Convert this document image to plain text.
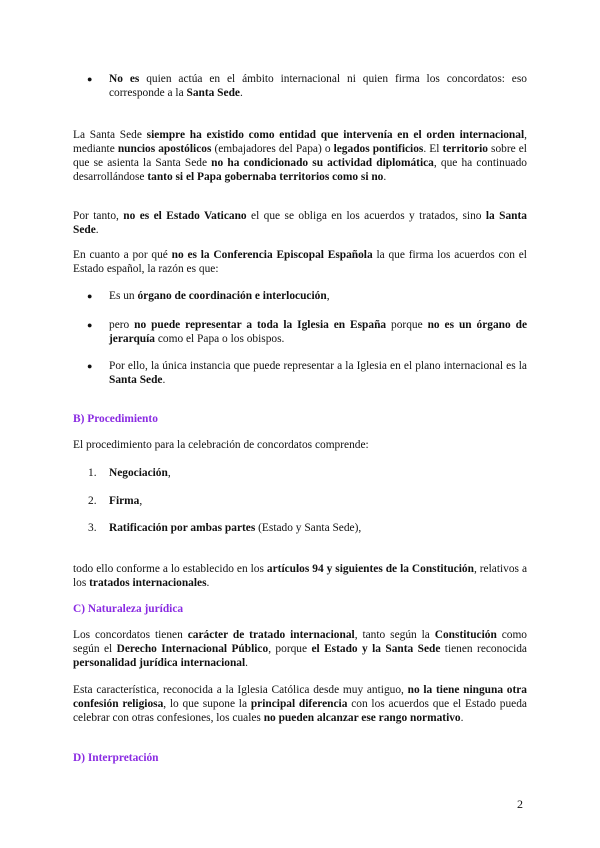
● No es quien actúa en el ámbito internacional ni quien firma los concordatos: eso corresponde a la Santa Sede.
La Santa Sede siempre ha existido como entidad que intervenía en el orden internacional, mediante nuncios apostólicos (embajadores del Papa) o legados pontificios. El territorio sobre el que se asienta la Santa Sede no ha condicionado su actividad diplomática, que ha continuado desarrollándose tanto si el Papa gobernaba territorios como si no.
Por tanto, no es el Estado Vaticano el que se obliga en los acuerdos y tratados, sino la Santa Sede.
En cuanto a por qué no es la Conferencia Episcopal Española la que firma los acuerdos con el Estado español, la razón es que:
● Es un órgano de coordinación e interlocución,
● pero no puede representar a toda la Iglesia en España porque no es un órgano de jerarquía como el Papa o los obispos.
● Por ello, la única instancia que puede representar a la Iglesia en el plano internacional es la Santa Sede.
B) Procedimiento
El procedimiento para la celebración de concordatos comprende:
1. Negociación,
2. Firma,
3. Ratificación por ambas partes (Estado y Santa Sede),
todo ello conforme a lo establecido en los artículos 94 y siguientes de la Constitución, relativos a los tratados internacionales.
C) Naturaleza jurídica
Los concordatos tienen carácter de tratado internacional, tanto según la Constitución como según el Derecho Internacional Público, porque el Estado y la Santa Sede tienen reconocida personalidad jurídica internacional.
Esta característica, reconocida a la Iglesia Católica desde muy antiguo, no la tiene ninguna otra confesión religiosa, lo que supone la principal diferencia con los acuerdos que el Estado pueda celebrar con otras confesiones, los cuales no pueden alcanzar ese rango normativo.
D) Interpretación
2
